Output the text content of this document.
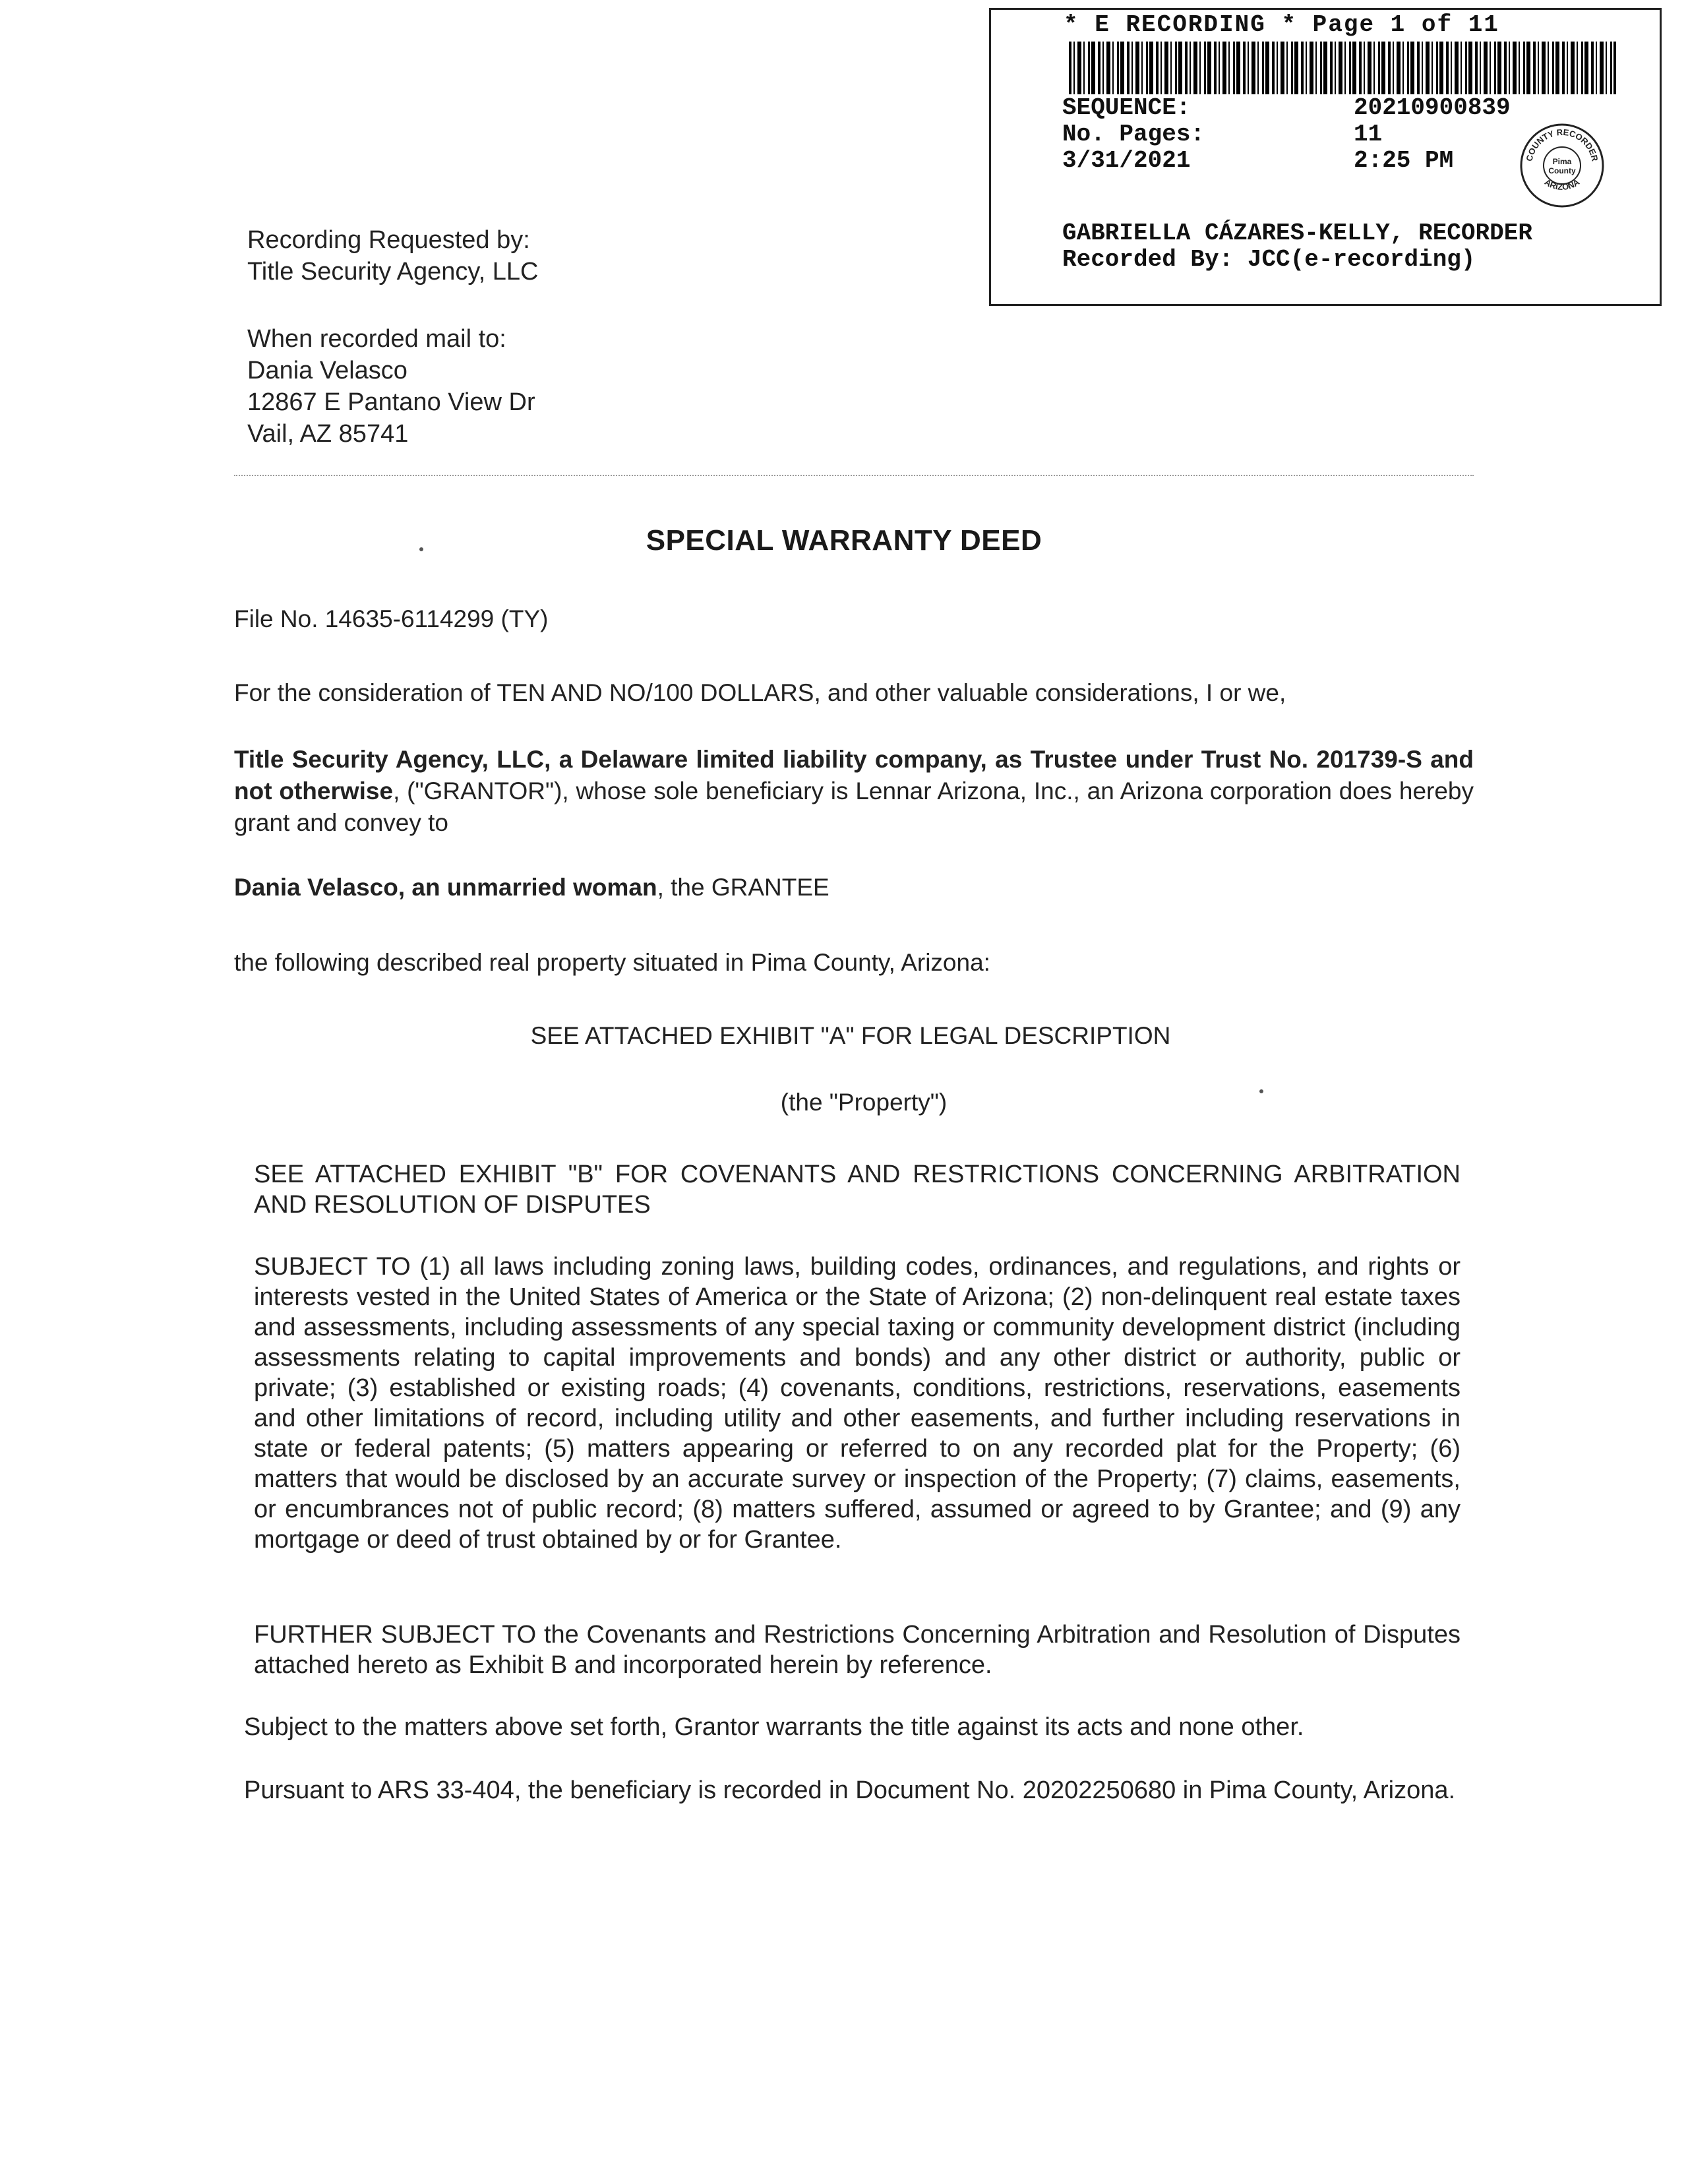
* E RECORDING * Page 1 of 11
SEQUENCE:	20210900839
No. Pages:	11
3/31/2021	2:25 PM
GABRIELLA CÁZARES-KELLY, RECORDER
Recorded By: JCC(e-recording)
COUNTY RECORDER
ARIZONA
Pima
County
Recording Requested by:
Title Security Agency, LLC
When recorded mail to:
Dania Velasco
12867 E Pantano View Dr
Vail, AZ 85741
SPECIAL WARRANTY DEED
File No. 14635-6114299 (TY)
For the consideration of TEN AND NO/100 DOLLARS, and other valuable considerations, I or we,
Title Security Agency, LLC, a Delaware limited liability company, as Trustee under Trust No. 201739-S and not otherwise, ("GRANTOR"), whose sole beneficiary is Lennar Arizona, Inc., an Arizona corporation does hereby grant and convey to
Dania Velasco, an unmarried woman, the GRANTEE
the following described real property situated in Pima County, Arizona:
SEE ATTACHED EXHIBIT "A" FOR LEGAL DESCRIPTION
(the "Property")
SEE ATTACHED EXHIBIT "B" FOR COVENANTS AND RESTRICTIONS CONCERNING ARBITRATION AND RESOLUTION OF DISPUTES
SUBJECT TO (1) all laws including zoning laws, building codes, ordinances, and regulations, and rights or interests vested in the United States of America or the State of Arizona; (2) non-delinquent real estate taxes and assessments, including assessments of any special taxing or community development district (including assessments relating to capital improvements and bonds) and any other district or authority, public or private; (3) established or existing roads; (4) covenants, conditions, restrictions, reservations, easements and other limitations of record, including utility and other easements, and further including reservations in state or federal patents; (5) matters appearing or referred to on any recorded plat for the Property; (6) matters that would be disclosed by an accurate survey or inspection of the Property; (7) claims, easements, or encumbrances not of public record; (8) matters suffered, assumed or agreed to by Grantee; and (9) any mortgage or deed of trust obtained by or for Grantee.
FURTHER SUBJECT TO the Covenants and Restrictions Concerning Arbitration and Resolution of Disputes attached hereto as Exhibit B and incorporated herein by reference.
Subject to the matters above set forth, Grantor warrants the title against its acts and none other.
Pursuant to ARS 33-404, the beneficiary is recorded in Document No. 20202250680 in Pima County, Arizona.
